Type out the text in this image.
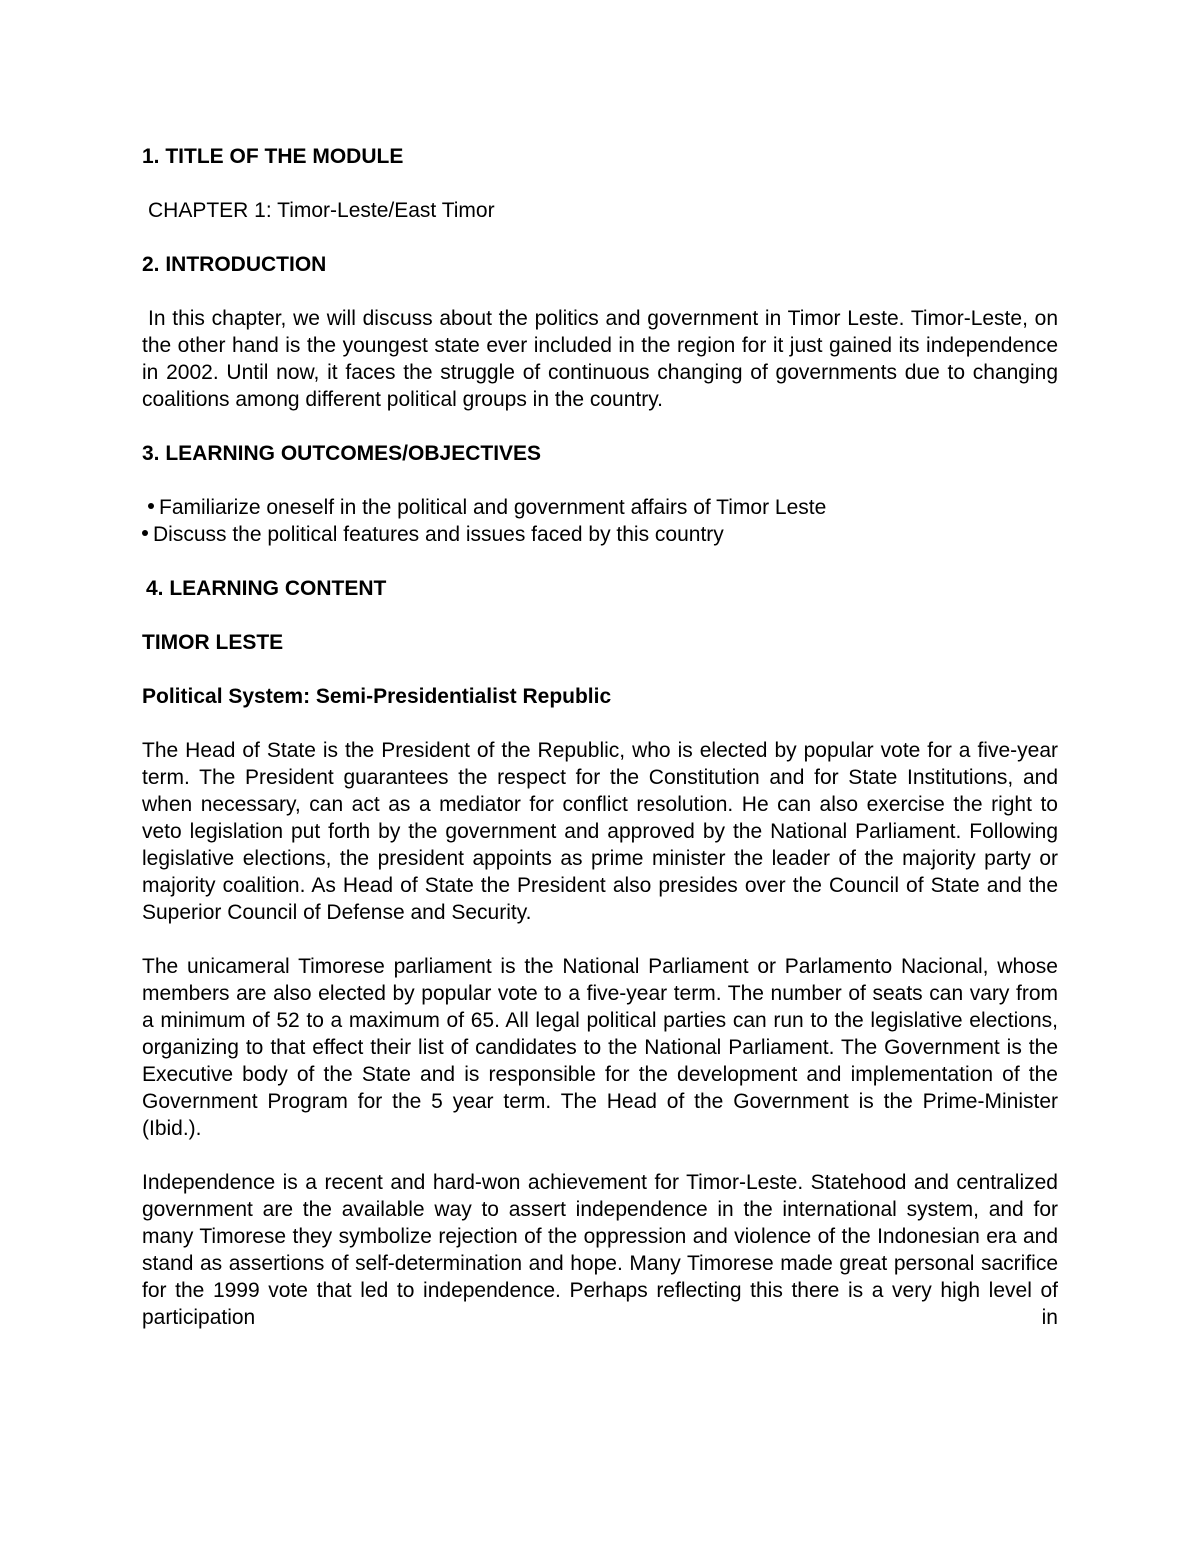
1. TITLE OF THE MODULE

CHAPTER 1: Timor-Leste/East Timor

2. INTRODUCTION

In this chapter, we will discuss about the politics and government in Timor Leste. Timor-Leste, on the other hand is the youngest state ever included in the region for it just gained its independence in 2002. Until now, it faces the struggle of continuous changing of governments due to changing coalitions among different political groups in the country.

3. LEARNING OUTCOMES/OBJECTIVES

Familiarize oneself in the political and government affairs of Timor Leste

Discuss the political features and issues faced by this country

4. LEARNING CONTENT

TIMOR LESTE

Political System: Semi-Presidentialist Republic

The Head of State is the President of the Republic, who is elected by popular vote for a five-year term. The President guarantees the respect for the Constitution and for State Institutions, and when necessary, can act as a mediator for conflict resolution. He can also exercise the right to veto legislation put forth by the government and approved by the National Parliament. Following legislative elections, the president appoints as prime minister the leader of the majority party or majority coalition. As Head of State the President also presides over the Council of State and the Superior Council of Defense and Security.

The unicameral Timorese parliament is the National Parliament or Parlamento Nacional, whose members are also elected by popular vote to a five-year term. The number of seats can vary from a minimum of 52 to a maximum of 65. All legal political parties can run to the legislative elections, organizing to that effect their list of candidates to the National Parliament. The Government is the Executive body of the State and is responsible for the development and implementation of the Government Program for the 5 year term. The Head of the Government is the Prime-Minister (Ibid.).

Independence is a recent and hard-won achievement for Timor-Leste. Statehood and centralized government are the available way to assert independence in the international system, and for many Timorese they symbolize rejection of the oppression and violence of the Indonesian era and stand as assertions of self-determination and hope. Many Timorese made great personal sacrifice for the 1999 vote that led to independence. Perhaps reflecting this there is a very high level of participation in
